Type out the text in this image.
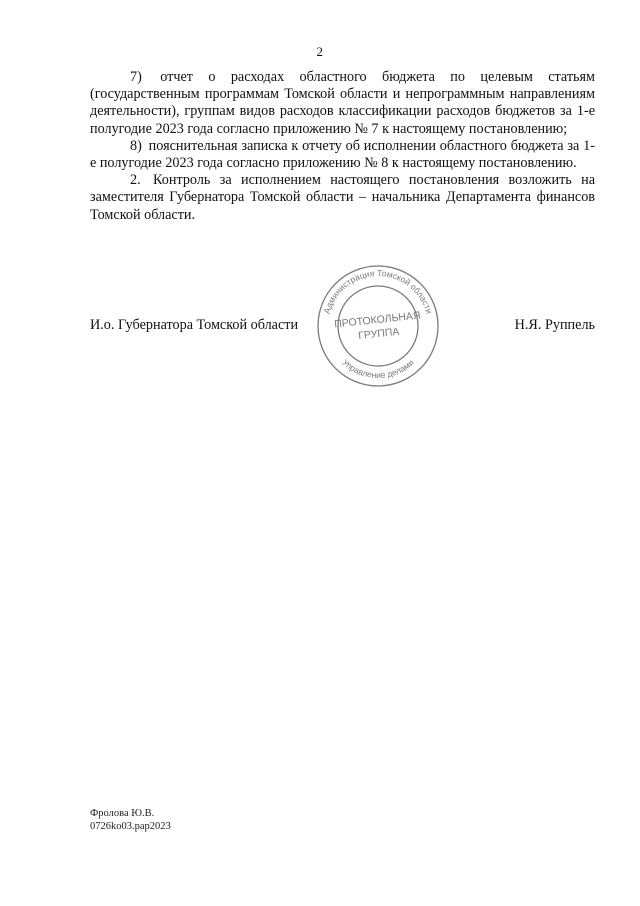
2

7) отчет о расходах областного бюджета по целевым статьям (государственным программам Томской области и непрограммным направлениям деятельности), группам видов расходов классификации расходов бюджетов за 1-е полугодие 2023 года согласно приложению № 7 к настоящему постановлению;

8) пояснительная записка к отчету об исполнении областного бюджета за 1-е полугодие 2023 года согласно приложению № 8 к настоящему постановлению.

2. Контроль за исполнением настоящего постановления возложить на заместителя Губернатора Томской области – начальника Департамента финансов Томской области.

И.о. Губернатора Томской области	Н.Я. Руппель
Администрация Томской области
Управление делами
ПРОТОКОЛЬНАЯ
ГРУППА
Фролова Ю.В.
0726ko03.pap2023
